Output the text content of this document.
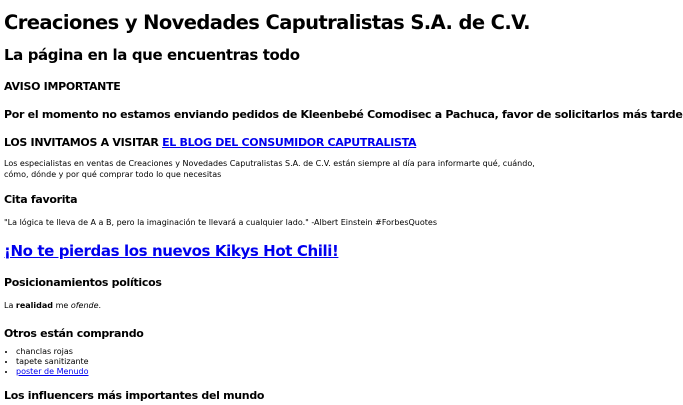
Creaciones y Novedades Caputralistas S.A. de C.V.
La página en la que encuentras todo
AVISO IMPORTANTE
Por el momento no estamos enviando pedidos de Kleenbebé Comodisec a Pachuca, favor de solicitarlos más tarde
LOS INVITAMOS A VISITAR EL BLOG DEL CONSUMIDOR CAPUTRALISTA
Los especialistas en ventas de Creaciones y Novedades Caputralistas S.A. de C.V. están siempre al día para informarte qué, cuándo, cómo, dónde y por qué comprar todo lo que necesitas
Cita favorita
"La lógica te lleva de A a B, pero la imaginación te llevará a cualquier lado." -Albert Einstein #ForbesQuotes
¡No te pierdas los nuevos Kikys Hot Chili!
Posicionamientos políticos
La realidad me ofende.
Otros están comprando
• chanclas rojas
• tapete sanitizante
• poster de Menudo
Los influencers más importantes del mundo
